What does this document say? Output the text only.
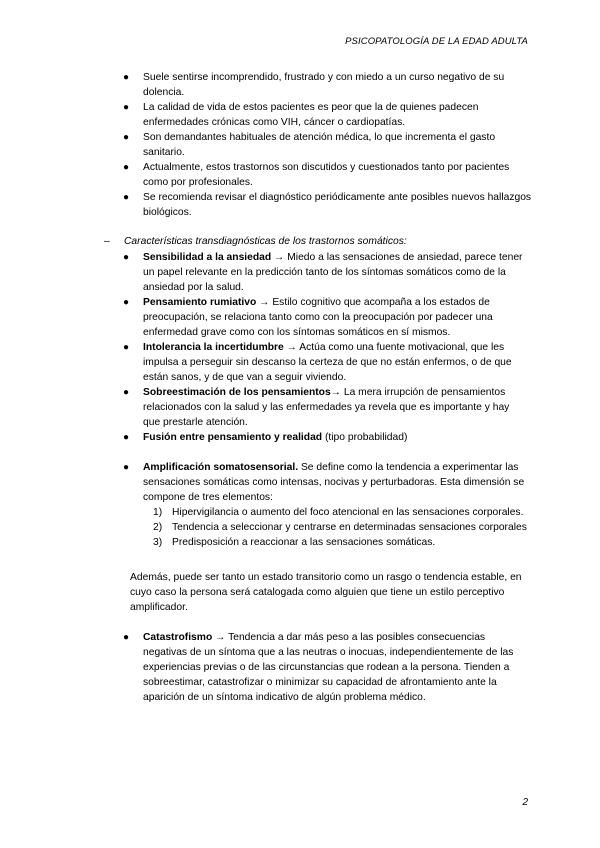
PSICOPATOLOGÍA DE LA EDAD ADULTA
● Suele sentirse incomprendido, frustrado y con miedo a un curso negativo de su dolencia.
● La calidad de vida de estos pacientes es peor que la de quienes padecen enfermedades crónicas como VIH, cáncer o cardiopatías.
● Son demandantes habituales de atención médica, lo que incrementa el gasto sanitario.
● Actualmente, estos trastornos son discutidos y cuestionados tanto por pacientes como por profesionales.
● Se recomienda revisar el diagnóstico periódicamente ante posibles nuevos hallazgos biológicos.
– Características transdiagnósticas de los trastornos somáticos:
● Sensibilidad a la ansiedad → Miedo a las sensaciones de ansiedad, parece tener un papel relevante en la predicción tanto de los síntomas somáticos como de la ansiedad por la salud.
● Pensamiento rumiativo → Estilo cognitivo que acompaña a los estados de preocupación, se relaciona tanto como con la preocupación por padecer una enfermedad grave como con los síntomas somáticos en sí mismos.
● Intolerancia la incertidumbre → Actúa como una fuente motivacional, que les impulsa a perseguir sin descanso la certeza de que no están enfermos, o de que están sanos, y de que van a seguir viviendo.
● Sobreestimación de los pensamientos→ La mera irrupción de pensamientos relacionados con la salud y las enfermedades ya revela que es importante y hay que prestarle atención.
● Fusión entre pensamiento y realidad (tipo probabilidad)
● Amplificación somatosensorial. Se define como la tendencia a experimentar las sensaciones somáticas como intensas, nocivas y perturbadoras. Esta dimensión se compone de tres elementos:
1) Hipervigilancia o aumento del foco atencional en las sensaciones corporales.
2) Tendencia a seleccionar y centrarse en determinadas sensaciones corporales
3) Predisposición a reaccionar a las sensaciones somáticas.
Además, puede ser tanto un estado transitorio como un rasgo o tendencia estable, en cuyo caso la persona será catalogada como alguien que tiene un estilo perceptivo amplificador.
● Catastrofismo → Tendencia a dar más peso a las posibles consecuencias negativas de un síntoma que a las neutras o inocuas, independientemente de las experiencias previas o de las circunstancias que rodean a la persona. Tienden a sobreestimar, catastrofizar o minimizar su capacidad de afrontamiento ante la aparición de un síntoma indicativo de algún problema médico.
2
